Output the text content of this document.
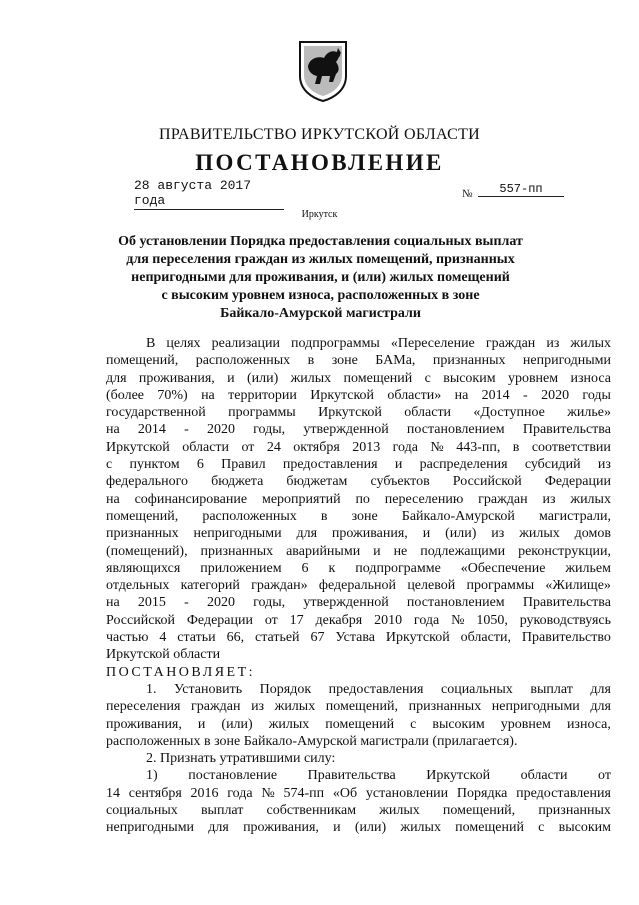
ПРАВИТЕЛЬСТВО ИРКУТСКОЙ ОБЛАСТИ
ПОСТАНОВЛЕНИЕ
28 августа 2017 года	№	557-пп
Иркутск
Об установлении Порядка предоставления социальных выплат
для переселения граждан из жилых помещений, признанных
непригодными для проживания, и (или) жилых помещений
с высоким уровнем износа, расположенных в зоне
Байкало-Амурской магистрали
В целях реализации подпрограммы «Переселение граждан из жилых
помещений, расположенных в зоне БАМа, признанных непригодными
для проживания, и (или) жилых помещений с высоким уровнем износа
(более 70%) на территории Иркутской области» на 2014 - 2020 годы
государственной программы Иркутской области «Доступное жилье»
на 2014 - 2020 годы, утвержденной постановлением Правительства
Иркутской области от 24 октября 2013 года № 443-пп, в соответствии
с пунктом 6 Правил предоставления и распределения субсидий из
федерального бюджета бюджетам субъектов Российской Федерации
на софинансирование мероприятий по переселению граждан из жилых
помещений, расположенных в зоне Байкало-Амурской магистрали,
признанных непригодными для проживания, и (или) из жилых домов
(помещений), признанных аварийными и не подлежащими реконструкции,
являющихся приложением 6 к подпрограмме «Обеспечение жильем
отдельных категорий граждан» федеральной целевой программы «Жилище»
на 2015 - 2020 годы, утвержденной постановлением Правительства
Российской Федерации от 17 декабря 2010 года № 1050, руководствуясь
частью 4 статьи 66, статьей 67 Устава Иркутской области, Правительство
Иркутской области
ПОСТАНОВЛЯЕТ:
1. Установить Порядок предоставления социальных выплат для
переселения граждан из жилых помещений, признанных непригодными для
проживания, и (или) жилых помещений с высоким уровнем износа,
расположенных в зоне Байкало-Амурской магистрали (прилагается).
2. Признать утратившими силу:
1) постановление Правительства Иркутской области от
14 сентября 2016 года № 574-пп «Об установлении Порядка предоставления
социальных выплат собственникам жилых помещений, признанных
непригодными для проживания, и (или) жилых помещений с высоким
